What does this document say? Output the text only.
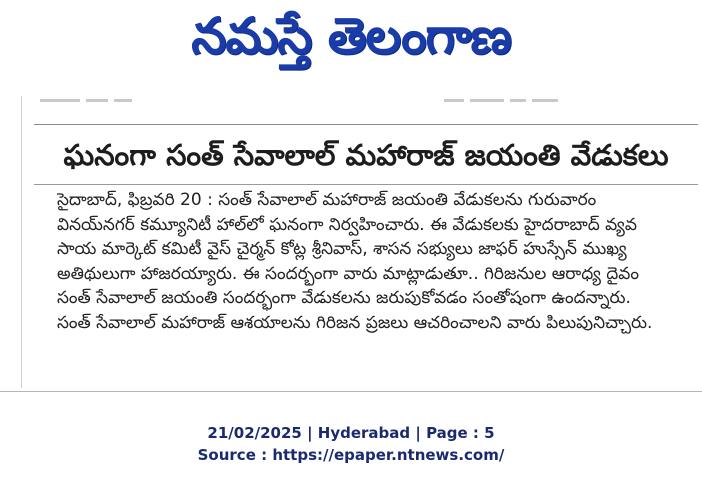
నమస్తే తెలంగాణ
ఘనంగా సంత్ సేవాలాల్ మహారాజ్ జయంతి వేడుకలు
సైదాబాద్, ఫిబ్రవరి 20 : సంత్ సేవాలాల్ మహారాజ్ జయంతి వేడుకలను గురువారం
వినయ్‌నగర్ కమ్యూనిటీ హాల్‌లో ఘనంగా నిర్వహించారు. ఈ వేడుకలకు హైదరాబాద్ వ్యవ
సాయ మార్కెట్ కమిటీ వైస్ చైర్మన్ కోట్ల శ్రీనివాస్, శాసన సభ్యులు జాఫర్ హుస్సేన్ ముఖ్య
అతిథులుగా హాజరయ్యారు. ఈ సందర్భంగా వారు మాట్లాడుతూ.. గిరిజనుల ఆరాధ్య దైవం
సంత్ సేవాలాల్ జయంతి సందర్భంగా వేడుకలను జరుపుకోవడం సంతోషంగా ఉందన్నారు.
సంత్ సేవాలాల్ మహారాజ్ ఆశయాలను గిరిజన ప్రజలు ఆచరించాలని వారు పిలుపునిచ్చారు.
21/02/2025 | Hyderabad | Page : 5
Source : https://epaper.ntnews.com/
